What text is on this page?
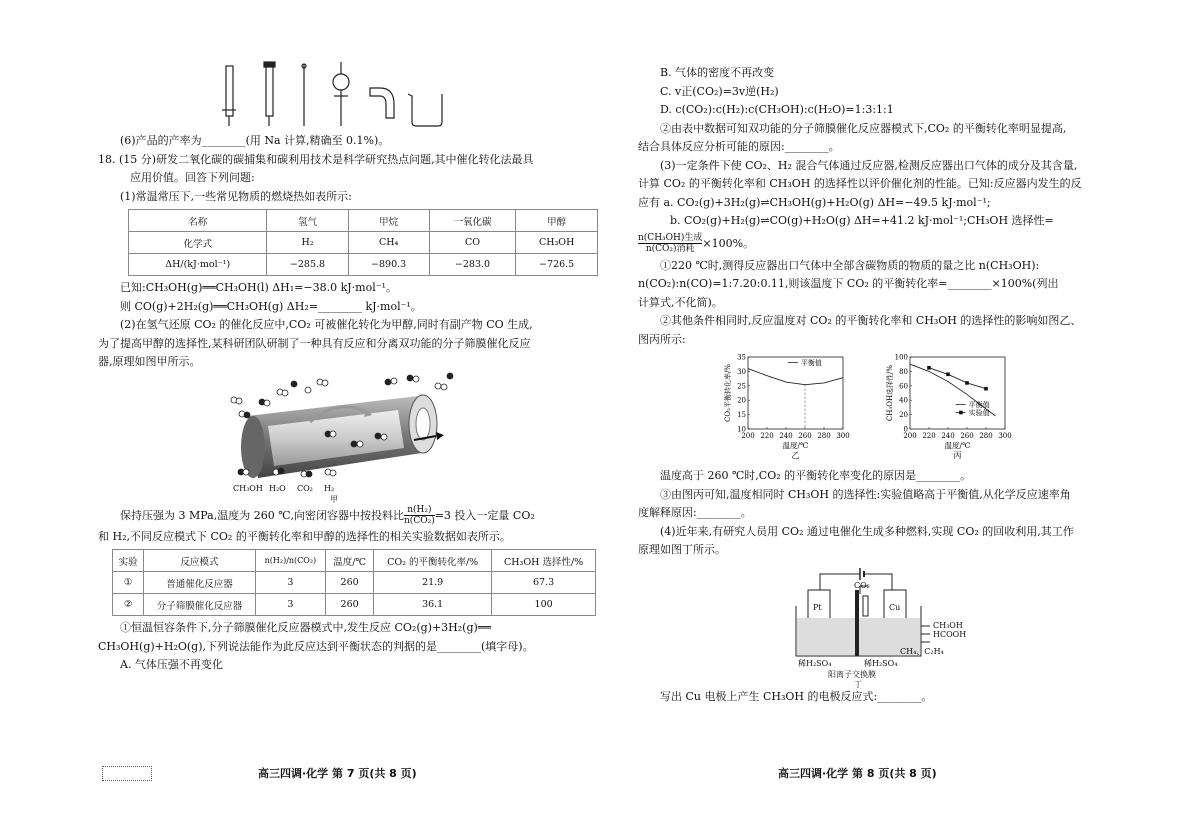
(6)产品的产率为________(用 Na 计算,精确至 0.1%)。
18. (15 分)研发二氧化碳的碳捕集和碳利用技术是科学研究热点问题,其中催化转化法最具
应用价值。回答下列问题:
(1)常温常压下,一些常见物质的燃烧热如表所示:
名称	氢气	甲烷	一氧化碳	甲醇
化学式	H₂	CH₄	CO	CH₃OH
ΔH/(kJ·mol⁻¹)	−285.8	−890.3	−283.0	−726.5
已知:CH₃OH(g)══CH₃OH(l) ΔH₁=−38.0 kJ·mol⁻¹。
则 CO(g)+2H₂(g)══CH₃OH(g) ΔH₂=________ kJ·mol⁻¹。
(2)在氢气还原 CO₂ 的催化反应中,CO₂ 可被催化转化为甲醇,同时有副产物 CO 生成,
为了提高甲醇的选择性,某科研团队研制了一种具有反应和分离双功能的分子筛膜催化反应
器,原理如图甲所示。
CH₃OH H₂O CO₂ H₂
甲
保持压强为 3 MPa,温度为 260 ℃,向密闭容器中按投料比 $\frac{\text{n(H₂)}}{\text{n(CO₂)}} =3$ 投入一定量 CO₂
和 H₂,不同反应模式下 CO₂ 的平衡转化率和甲醇的选择性的相关实验数据如表所示。
实验	反应模式	n(H₂)/n(CO₂)	温度/℃	CO₂ 的平衡转化率/%	CH₃OH 选择性/%
①	普通催化反应器	3	260	21.9	67.3
②	分子筛膜催化反应器	3	260	36.1	100
①恒温恒容条件下,分子筛膜催化反应器模式中,发生反应 CO₂(g)+3H₂(g)══
CH₃OH(g)+H₂O(g),下列说法能作为此反应达到平衡状态的判据的是________(填字母)。
A. 气体压强不再变化
高三四调·化学 第 7 页(共 8 页)
B. 气体的密度不再改变
C. v正(CO₂)=3v逆(H₂)
D. c(CO₂):c(H₂):c(CH₃OH):c(H₂O)=1:3:1:1
②由表中数据可知双功能的分子筛膜催化反应器模式下,CO₂ 的平衡转化率明显提高,
结合具体反应分析可能的原因:________。
(3)一定条件下使 CO₂、H₂ 混合气体通过反应器,检测反应器出口气体的成分及其含量,
计算 CO₂ 的平衡转化率和 CH₃OH 的选择性以评价催化剂的性能。已知:反应器内发生的反
应有 a. CO₂(g)+3H₂(g)⇌CH₃OH(g)+H₂O(g) ΔH=−49.5 kJ·mol⁻¹;
b. CO₂(g)+H₂(g)⇌CO(g)+H₂O(g) ΔH=+41.2 kJ·mol⁻¹;CH₃OH 选择性=
$\frac{\text{n(CH₃OH)生成}}{\text{n(CO₂)消耗}} \times 100\%$。
①220 ℃时,测得反应器出口气体中全部含碳物质的物质的量之比 n(CH₃OH):
n(CO₂):n(CO)=1:7.20:0.11,则该温度下 CO₂ 的平衡转化率=________×100%(列出
计算式,不化简)。
②其他条件相同时,反应温度对 CO₂ 的平衡转化率和 CH₃OH 的选择性的影响如图乙、
图丙所示:
200 220 240 260 280 300
10
15
20
25
30
35
温度/℃
CO₂平衡转化率/%
乙
平衡值
200 220 240 260 280 300
0
20
40
60
80
100
温度/℃
CH₃OH选择性/%
丙
平衡值
实验值
温度高于 260 ℃时,CO₂ 的平衡转化率变化的原因是________。
③由图丙可知,温度相同时 CH₃OH 的选择性:实验值略高于平衡值,从化学反应速率角
度解释原因:________。
(4)近年来,有研究人员用 CO₂ 通过电催化生成多种燃料,实现 CO₂ 的回收利用,其工作
原理如图丁所示。
CO₂
Pt	Cu
CH₃OH
HCOOH
CH₄、C₂H₄
稀H₂SO₄	稀H₂SO₄
阳离子交换膜
丁
写出 Cu 电极上产生 CH₃OH 的电极反应式:________。
高三四调·化学 第 8 页(共 8 页)
